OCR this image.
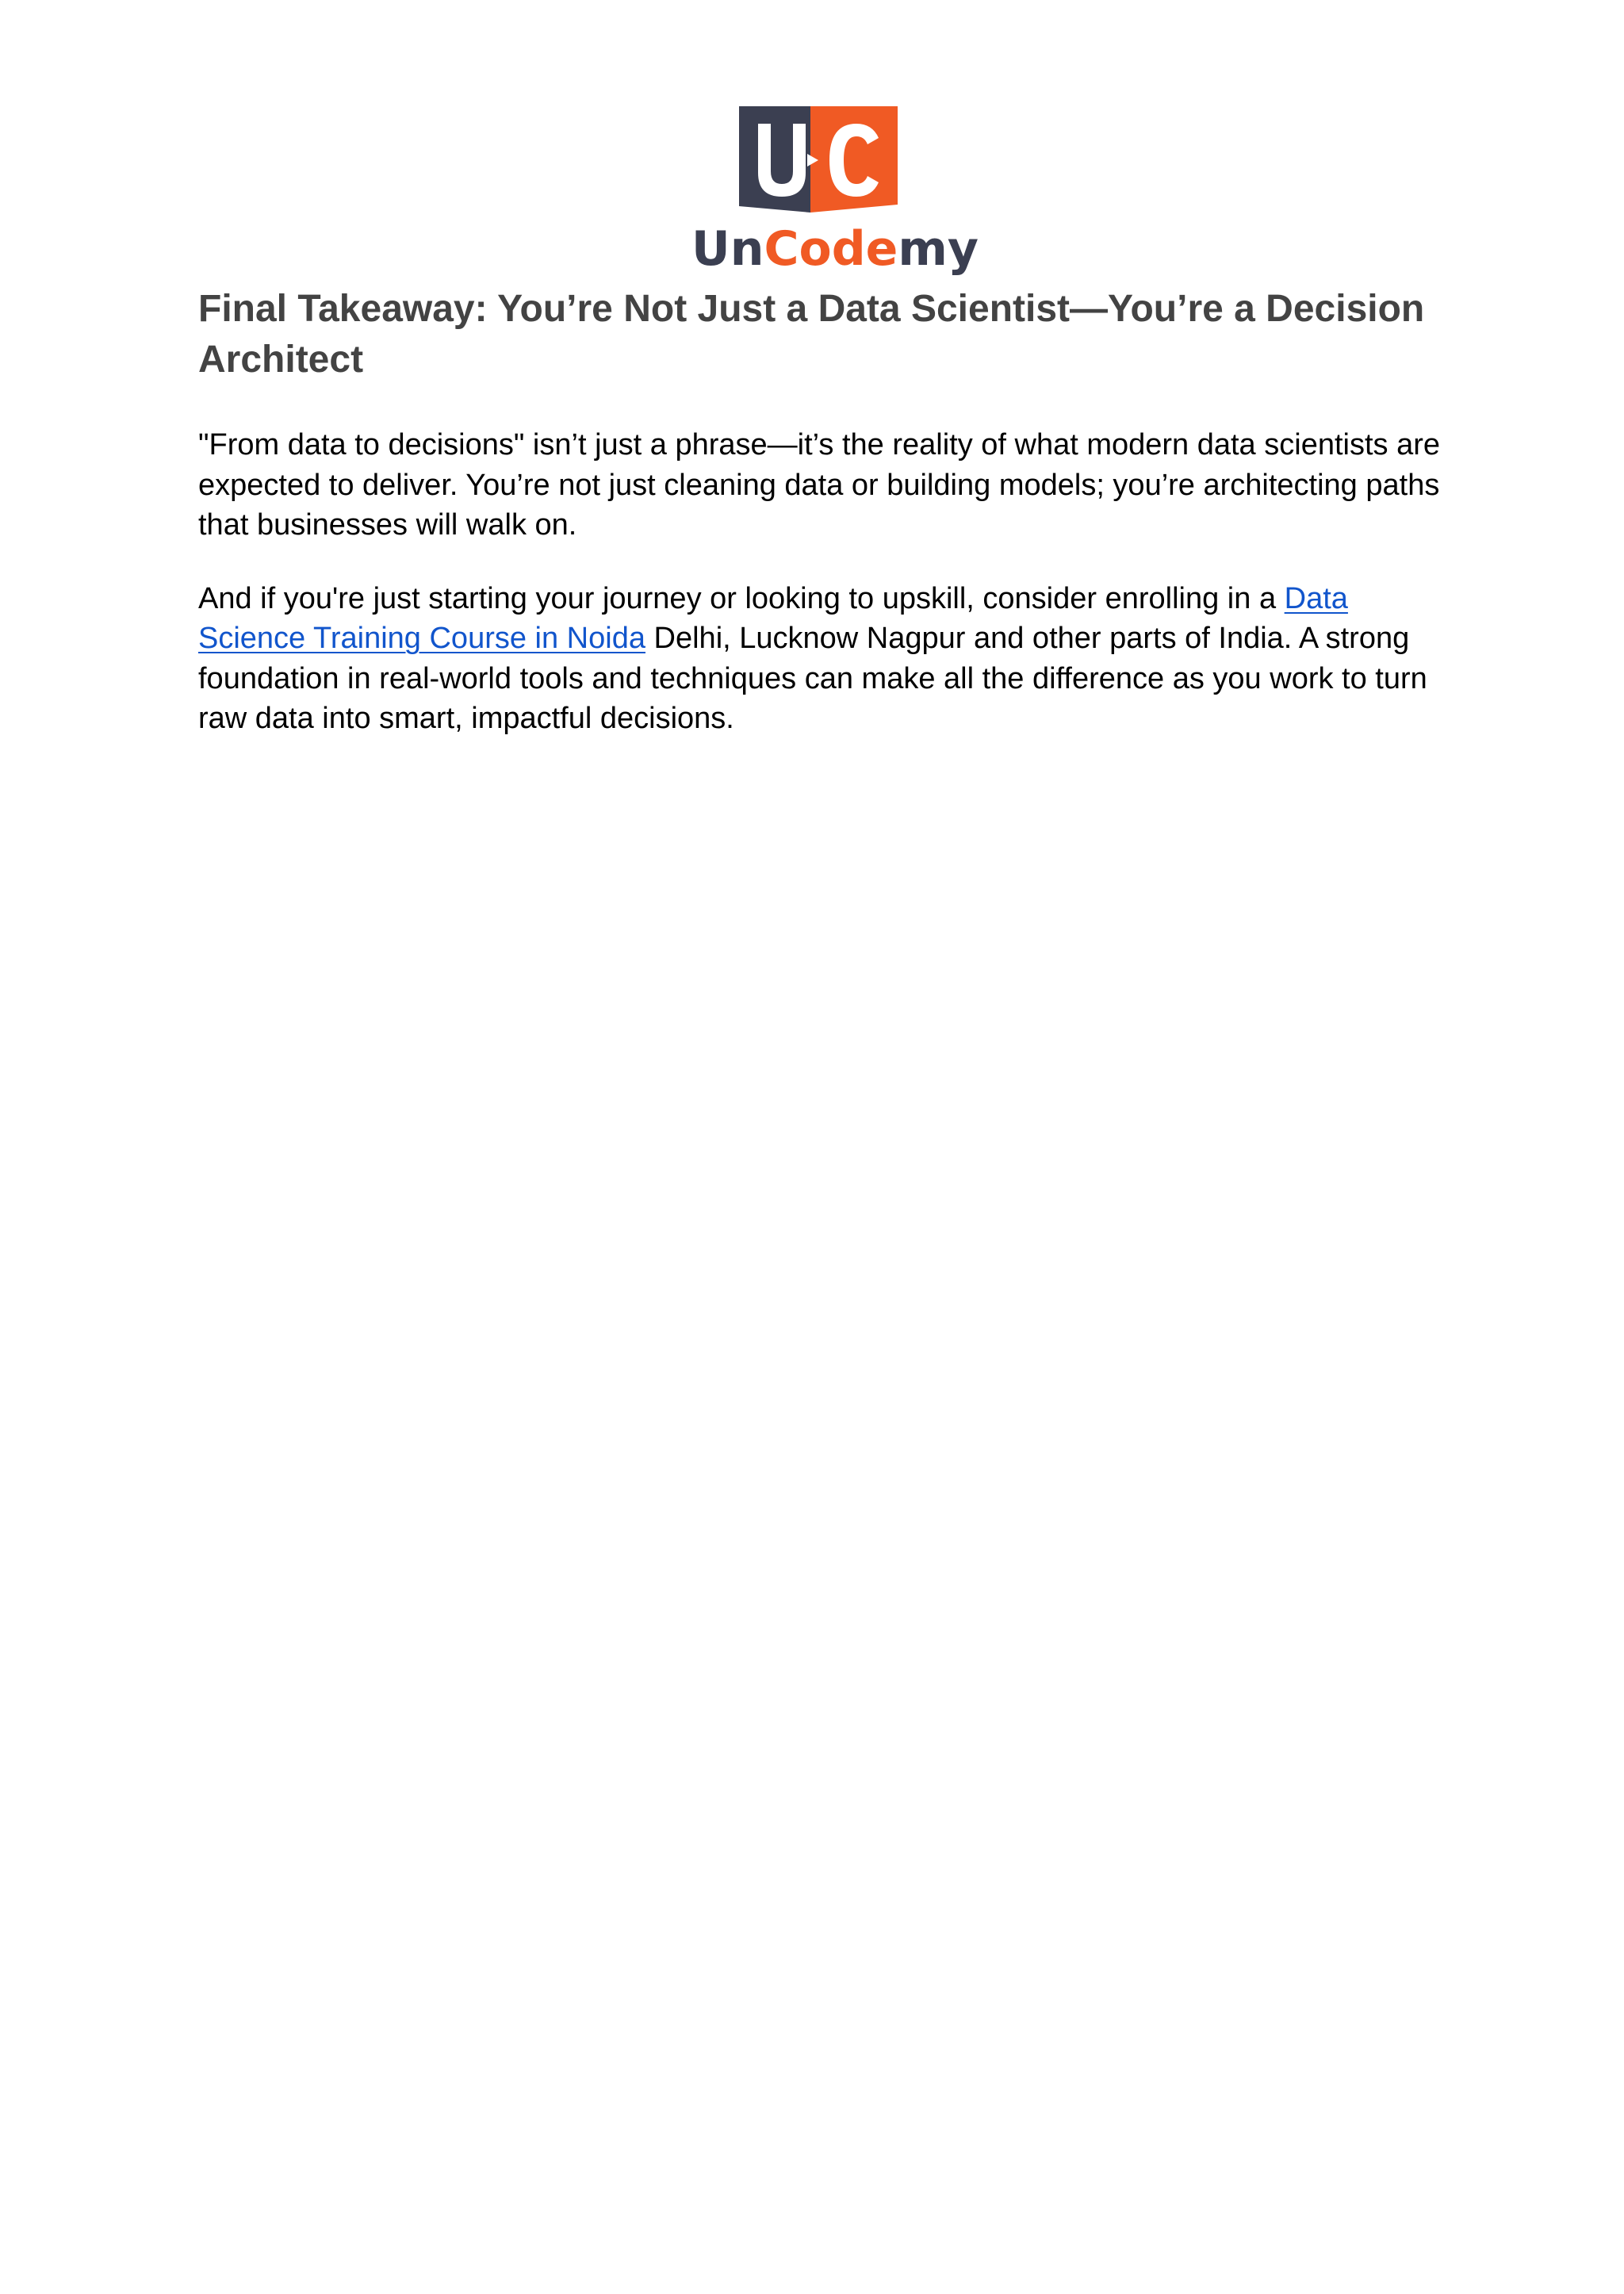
UnCodemy
Final Takeaway: You’re Not Just a Data Scientist—You’re a Decision Architect

"From data to decisions" isn’t just a phrase—it’s the reality of what modern data scientists are expected to deliver. You’re not just cleaning data or building models; you’re architecting paths that businesses will walk on.

And if you're just starting your journey or looking to upskill, consider enrolling in a Data Science Training Course in Noida Delhi, Lucknow Nagpur and other parts of India. A strong foundation in real-world tools and techniques can make all the difference as you work to turn raw data into smart, impactful decisions.
